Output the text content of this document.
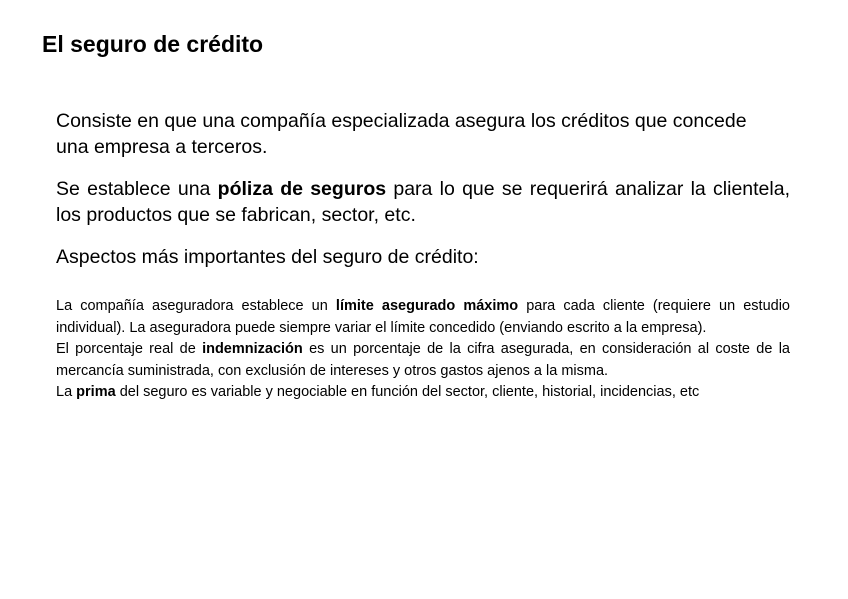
El seguro de crédito

Consiste en que una compañía especializada asegura los créditos que concede una empresa a terceros.

Se establece una póliza de seguros para lo que se requerirá analizar la clientela, los productos que se fabrican, sector, etc.

Aspectos más importantes del seguro de crédito:

La compañía aseguradora establece un límite asegurado máximo para cada cliente (requiere un estudio individual). La aseguradora puede siempre variar el límite concedido (enviando escrito a la empresa).

El porcentaje real de indemnización es un porcentaje de la cifra asegurada, en consideración al coste de la mercancía suministrada, con exclusión de intereses y otros gastos ajenos a la misma.

La prima del seguro es variable y negociable en función del sector, cliente, historial, incidencias, etc
